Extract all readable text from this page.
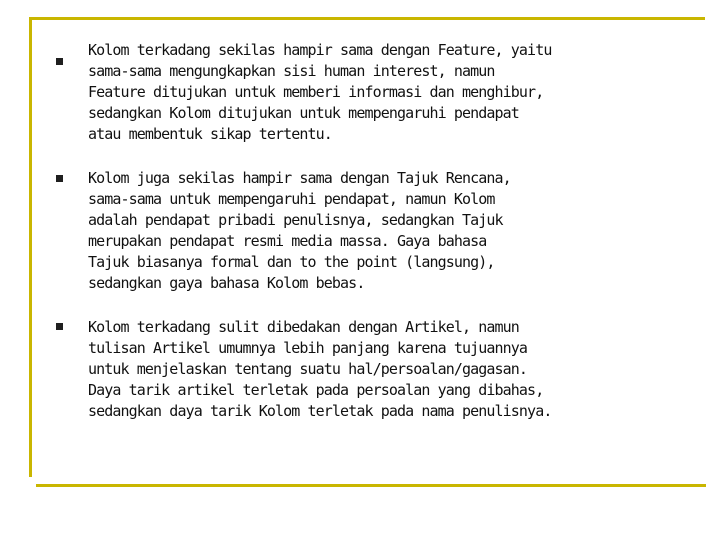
Kolom terkadang sekilas hampir sama dengan Feature, yaitu
sama-sama mengungkapkan sisi human interest, namun
Feature ditujukan untuk memberi informasi dan menghibur,
sedangkan Kolom ditujukan untuk mempengaruhi pendapat
atau membentuk sikap tertentu.
Kolom juga sekilas hampir sama dengan Tajuk Rencana,
sama-sama untuk mempengaruhi pendapat, namun Kolom
adalah pendapat pribadi penulisnya, sedangkan Tajuk
merupakan pendapat resmi media massa. Gaya bahasa
Tajuk biasanya formal dan to the point (langsung),
sedangkan gaya bahasa Kolom bebas.
Kolom terkadang sulit dibedakan dengan Artikel, namun
tulisan Artikel umumnya lebih panjang karena tujuannya
untuk menjelaskan tentang suatu hal/persoalan/gagasan.
Daya tarik artikel terletak pada persoalan yang dibahas,
sedangkan daya tarik Kolom terletak pada nama penulisnya.
